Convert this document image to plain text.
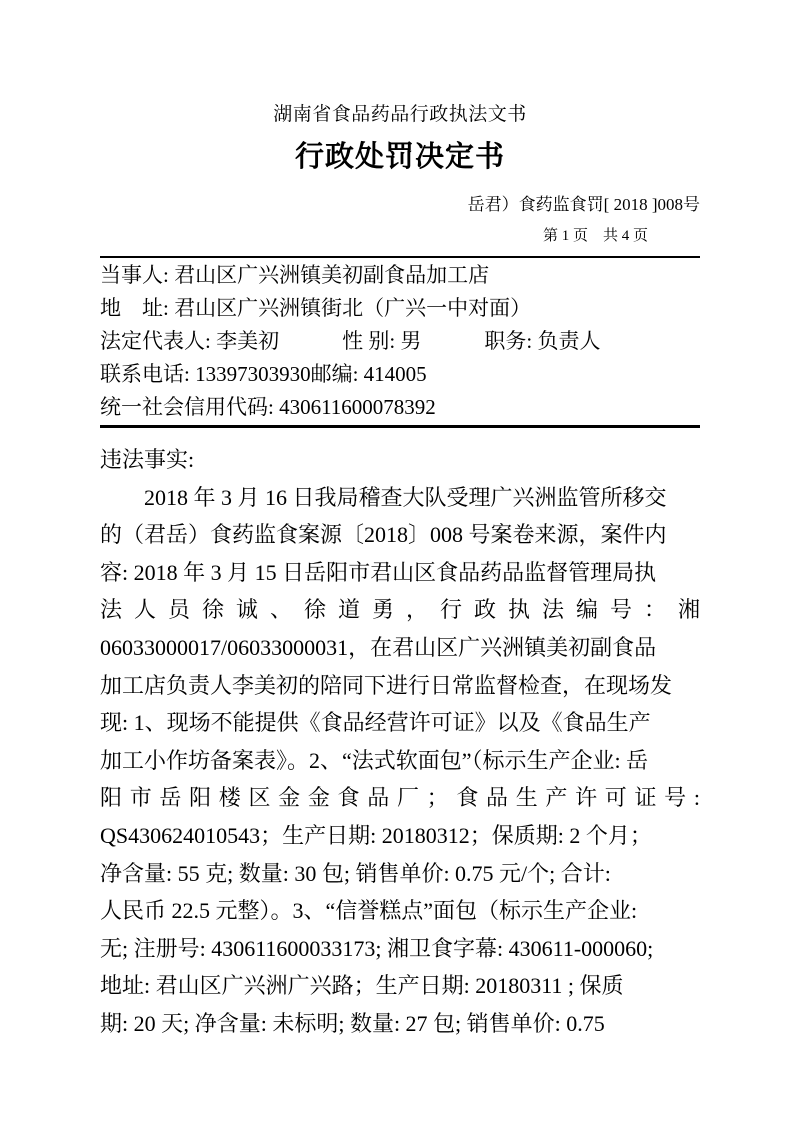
湖南省食品药品行政执法文书
行政处罚决定书
岳君）食药监食罚[ 2018 ]008号
第 1 页　共 4 页
当事人: 君山区广兴洲镇美初副食品加工店
地　址: 君山区广兴洲镇街北（广兴一中对面）
法定代表人: 李美初　　　性 别: 男　　　职务: 负责人
联系电话: 13397303930邮编: 414005
统一社会信用代码: 430611600078392
违法事实:
2018 年 3 月 16 日我局稽查大队受理广兴洲监管所移交
的（君岳）食药监食案源〔2018〕008 号案卷来源，案件内
容: 2018 年 3 月 15 日岳阳市君山区食品药品监督管理局执
法人员徐诚、徐道勇，行政执法编号：湘
06033000017/06033000031，在君山区广兴洲镇美初副食品
加工店负责人李美初的陪同下进行日常监督检查，在现场发
现: 1、现场不能提供《食品经营许可证》以及《食品生产
加工小作坊备案表》。2、“法式软面包”（标示生产企业: 岳
阳市岳阳楼区金金食品厂；食品生产许可证号:
QS430624010543；生产日期: 20180312；保质期: 2 个月；
净含量: 55 克; 数量: 30 包; 销售单价: 0.75 元/个; 合计:
人民币 22.5 元整）。3、“信誉糕点”面包（标示生产企业:
无; 注册号: 430611600033173; 湘卫食字幕: 430611-000060;
地址: 君山区广兴洲广兴路；生产日期: 20180311 ; 保质
期: 20 天; 净含量: 未标明; 数量: 27 包; 销售单价: 0.75
